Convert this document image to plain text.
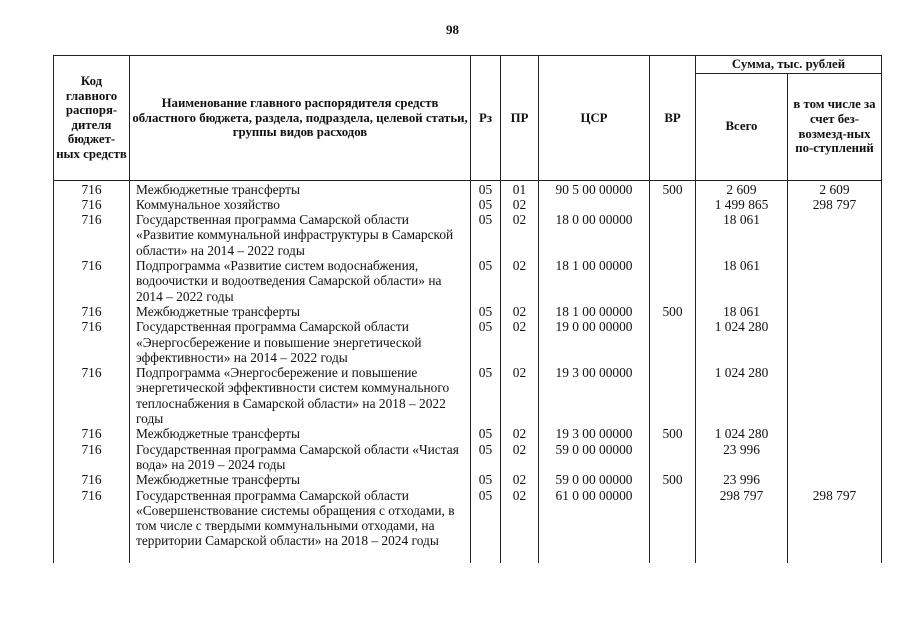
98
Код главного распоря-дителя бюджет-ных средств	Наименование главного распорядителя средств областного бюджета, раздела, подраздела, целевой статьи, группы видов расходов	Рз	ПР	ЦСР	ВР	Сумма, тыс. рублей	
						Всего	в том числе за счет без-возмезд-ных по-ступлений
716	Межбюджетные трансферты	05	01	90 5 00 00000	500	2 609	2 609
716	Коммунальное хозяйство	05	02			1 499 865	298 797
716	Государственная программа Самарской области «Развитие коммунальной инфраструктуры в Самарской области» на 2014 – 2022 годы	05	02	18 0 00 00000		18 061	
716	Подпрограмма «Развитие систем водоснабжения, водоочистки и водоотведения Самарской области» на 2014 – 2022 годы	05	02	18 1 00 00000		18 061	
716	Межбюджетные трансферты	05	02	18 1 00 00000	500	18 061	
716	Государственная программа Самарской области «Энергосбережение и повышение энергетической эффективности» на 2014 – 2022 годы	05	02	19 0 00 00000		1 024 280	
716	Подпрограмма «Энергосбережение и повышение энергетической эффективности систем коммунального теплоснабжения в Самарской области» на 2018 – 2022 годы	05	02	19 3 00 00000		1 024 280	
716	Межбюджетные трансферты	05	02	19 3 00 00000	500	1 024 280	
716	Государственная программа Самарской области «Чистая вода» на 2019 – 2024 годы	05	02	59 0 00 00000		23 996	
716	Межбюджетные трансферты	05	02	59 0 00 00000	500	23 996	
716	Государственная программа Самарской области «Совершенствование системы обращения с отходами, в том числе с твердыми коммунальными отходами, на территории Самарской области» на 2018 – 2024 годы	05	02	61 0 00 00000		298 797	298 797
